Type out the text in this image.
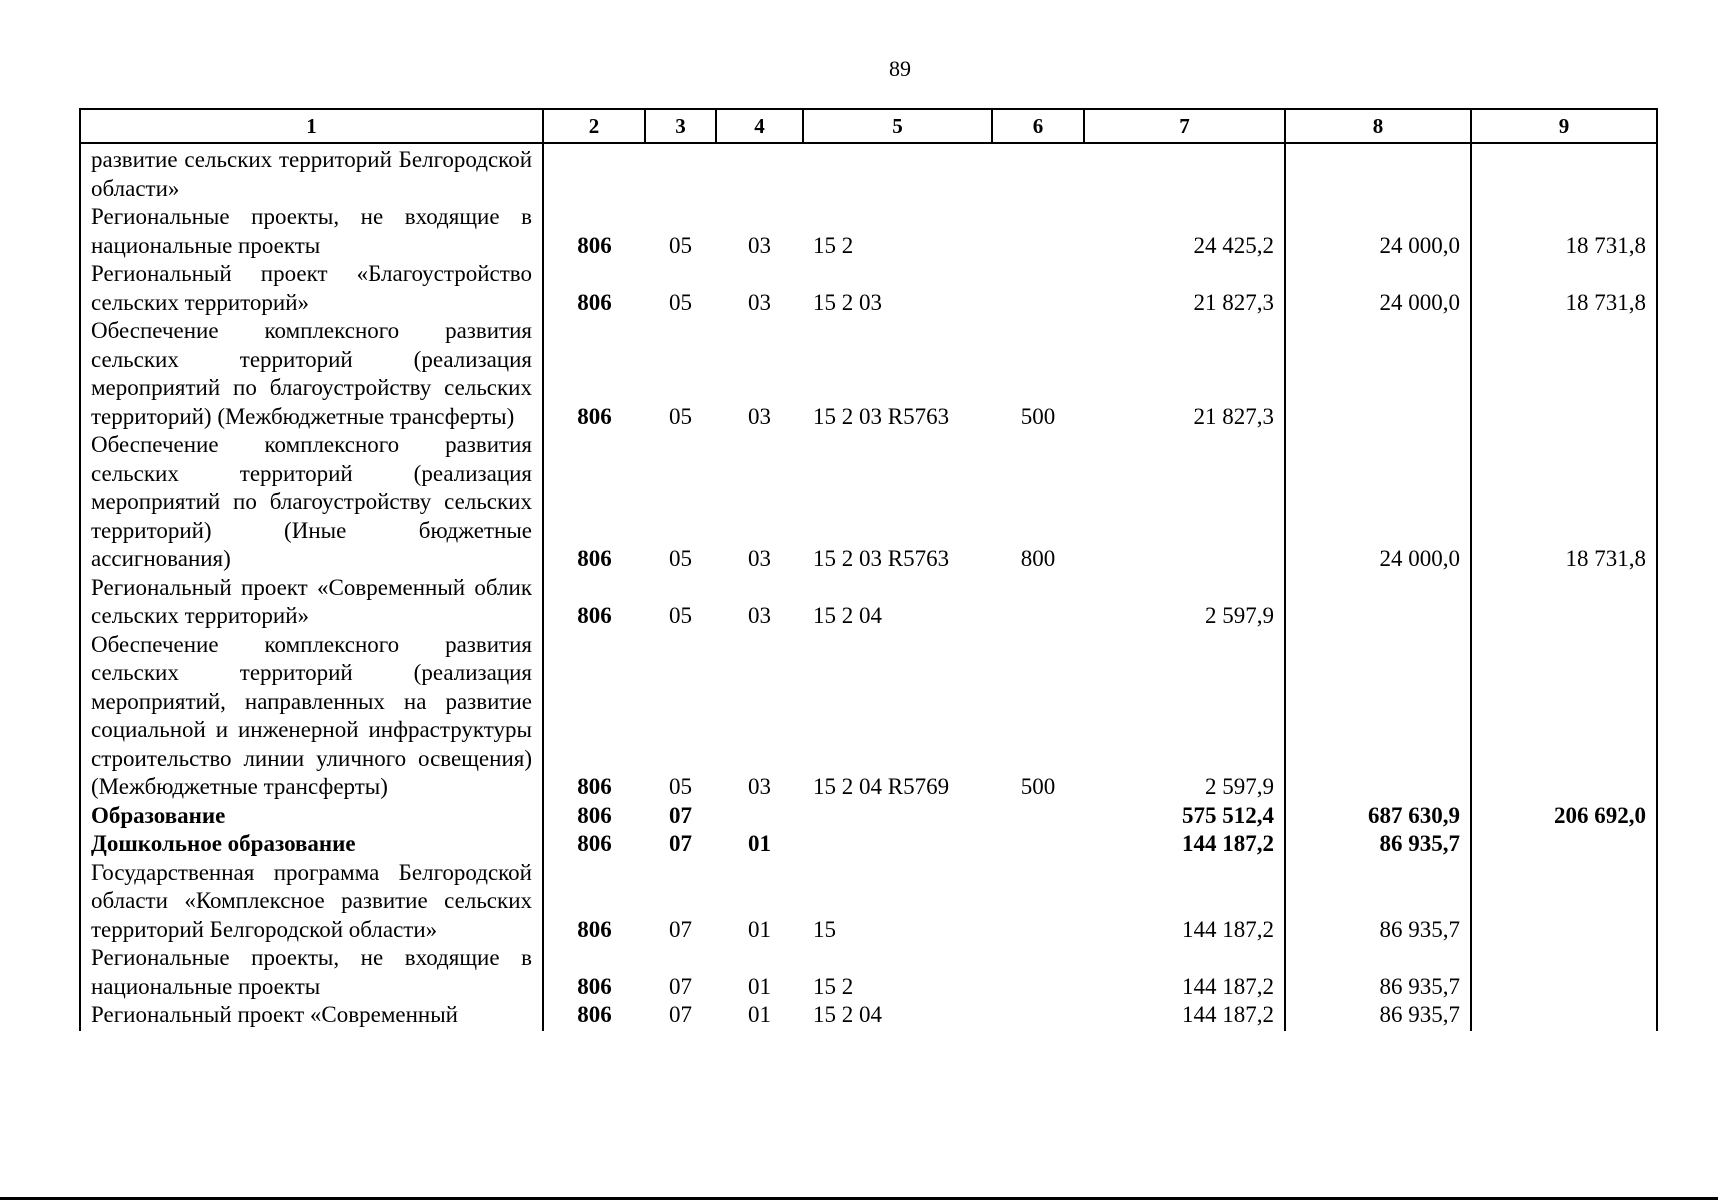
89
1	2	3	4	5	6	7	8	9
развитие сельских территорий Белгородской области»								
Региональные проекты, не входящие в национальные проекты	806	05	03	15 2		24 425,2	24 000,0	18 731,8
Региональный проект «Благоустройство сельских территорий»	806	05	03	15 2 03		21 827,3	24 000,0	18 731,8
Обеспечение комплексного развития сельских территорий (реализация мероприятий по благоустройству сельских территорий) (Межбюджетные трансферты)	806	05	03	15 2 03 R5763	500	21 827,3		
Обеспечение комплексного развития сельских территорий (реализация мероприятий по благоустройству сельских территорий) (Иные бюджетные ассигнования)	806	05	03	15 2 03 R5763	800		24 000,0	18 731,8
Региональный проект «Современный облик сельских территорий»	806	05	03	15 2 04		2 597,9		
Обеспечение комплексного развития сельских территорий (реализация мероприятий, направленных на развитие социальной и инженерной инфраструктуры строительство линии уличного освещения) (Межбюджетные трансферты)	806	05	03	15 2 04 R5769	500	2 597,9		
Образование	806	07				575 512,4	687 630,9	206 692,0
Дошкольное образование	806	07	01			144 187,2	86 935,7	
Государственная программа Белгородской области «Комплексное развитие сельских территорий Белгородской области»	806	07	01	15		144 187,2	86 935,7	
Региональные проекты, не входящие в национальные проекты	806	07	01	15 2		144 187,2	86 935,7	
Региональный проект «Современный	806	07	01	15 2 04		144 187,2	86 935,7	
